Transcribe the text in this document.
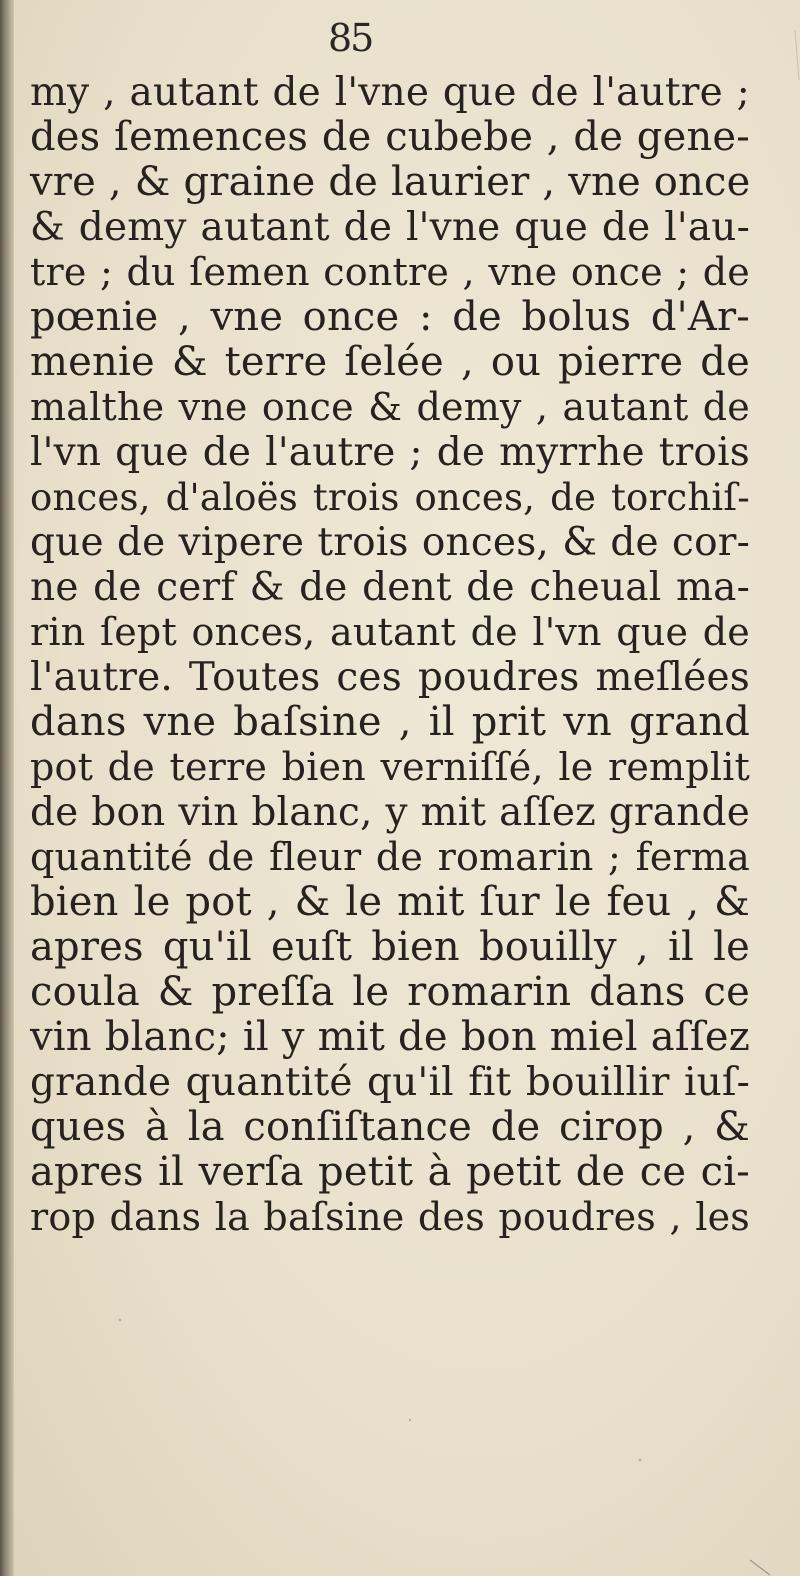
85
my , autant de l'vne que de l'autre ;
des ſemences de cubebe , de gene-
vre , & graine de laurier , vne once
& demy autant de l'vne que de l'au-
tre ; du ſemen contre , vne once ; de
pœnie , vne once : de bolus d'Ar-
menie & terre ſelée , ou pierre de
malthe vne once & demy , autant de
l'vn que de l'autre ; de myrrhe trois
onces, d'aloës trois onces, de torchiſ-
que de vipere trois onces, & de cor-
ne de cerf & de dent de cheual ma-
rin ſept onces, autant de l'vn que de
l'autre. Toutes ces poudres meſlées
dans vne baſsine , il prit vn grand
pot de terre bien verniſſé, le remplit
de bon vin blanc, y mit aſſez grande
quantité de fleur de romarin ; ferma
bien le pot , & le mit ſur le feu , &
apres qu'il euſt bien bouilly , il le
coula & preſſa le romarin dans ce
vin blanc; il y mit de bon miel aſſez
grande quantité qu'il fit bouillir iuſ-
ques à la conſiſtance de cirop , &
apres il verſa petit à petit de ce ci-
rop dans la baſsine des poudres , les
